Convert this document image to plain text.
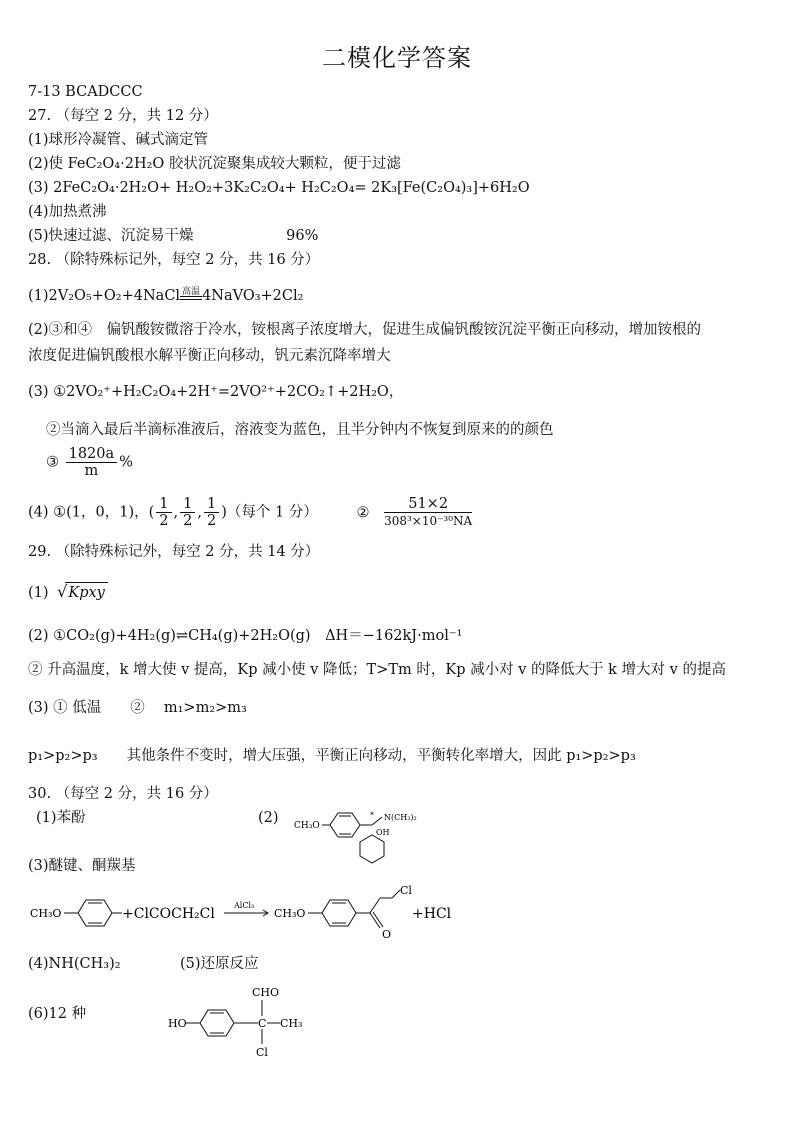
二模化学答案
7-13 BCADCCC
27. （每空 2 分，共 12 分）
(1)球形冷凝管、碱式滴定管
(2)使 FeC₂O₄·2H₂O 胶状沉淀聚集成较大颗粒，便于过滤
(3) 2FeC₂O₄·2H₂O+ H₂O₂+3K₂C₂O₄+ H₂C₂O₄= 2K₃[Fe(C₂O₄)₃]+6H₂O
(4)加热煮沸
(5)快速过滤、沉淀易干燥	96%
28. （除特殊标记外，每空 2 分，共 16 分）
(1)2V₂O₅+O₂+4NaCl 高温 4NaVO₃+2Cl₂
(2)③和④　偏钒酸铵微溶于冷水，铵根离子浓度增大，促进生成偏钒酸铵沉淀平衡正向移动，增加铵根的
浓度促进偏钒酸根水解平衡正向移动，钒元素沉降率增大
(3) ①2VO₂⁺+H₂C₂O₄+2H⁺=2VO²⁺+2CO₂↑+2H₂O，
②当滴入最后半滴标准液后，溶液变为蓝色，且半分钟内不恢复到原来的的颜色
③ $\frac{1820a}{m}$ %
(4) ①(1，0，1)，( $\frac{1}{2}$ , $\frac{1}{2}$ , $\frac{1}{2}$ )（每个 1 分）	② $\frac{51\times 2}{\text{308³×10⁻³⁰NA}}$
29. （除特殊标记外，每空 2 分，共 14 分）
(1) √Kpxy
(2) ①CO₂(g)+4H₂(g)⇌CH₄(g)+2H₂O(g)　ΔH＝−162kJ·mol⁻¹
② 升高温度，k 增大使 v 提高，Kp 减小使 v 降低；T>Tm 时，Kp 减小对 v 的降低大于 k 增大对 v 的提高
(3) ① 低温　　②　 m₁>m₂>m₃
p₁>p₂>p₃　　其他条件不变时，增大压强，平衡正向移动，平衡转化率增大，因此 p₁>p₂>p₃
30. （每空 2 分，共 16 分）
(1)苯酚	(2) CH₃O
* N(CH₃)₂
OH
(3)醚键、酮羰基
CH₃O	+ClCOCH₂Cl
AlCl₃
CH₃O
O
Cl
+HCl
(4)NH(CH₃)₂	(5)还原反应
(6)12 种
HO	C
CHO
CH₃
Cl
